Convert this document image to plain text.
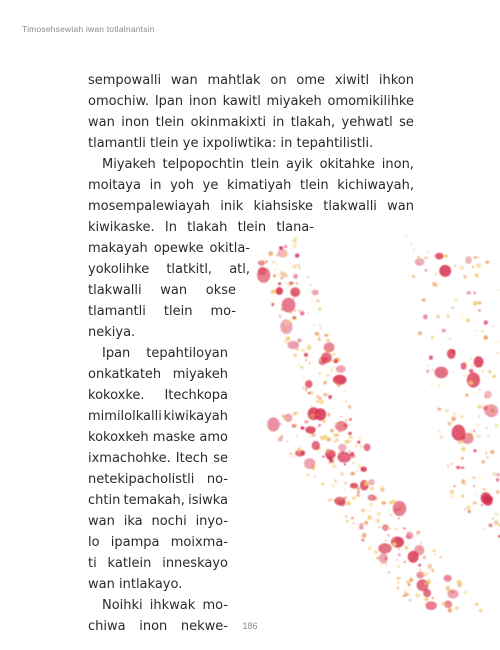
Timosehsewiah iwan totlalnantsin
sempowalli wan mahtlak on ome xiwitl ihkon
omochiw. Ipan inon kawitl miyakeh omomikilihke
wan inon tlein okinmakixti in tlakah, yehwatl se
tlamantli tlein ye ixpoliwtika: in tepahtilistli.
Miyakeh telpopochtin tlein ayik okitahke inon,
moitaya in yoh ye kimatiyah tlein kichiwayah,
mosempalewiayah inik kiahsiske tlakwalli wan
kiwikaske. In tlakah tlein tlana-
makayah opewke okitla-
yokolihke tlatkitl, atl,
tlakwalli wan okse
tlamantli tlein mo-
nekiya.
Ipan tepahtiloyan
onkatkateh miyakeh
kokoxke. Itechkopa
mimilolkalli kiwikayah
kokoxkeh maske amo
ixmachohke. Itech se
netekipacholistli no-
chtin temakah, isiwka
wan ika nochi inyo-
lo ipampa moixma-
ti katlein inneskayo
wan intlakayo.
Noihki ihkwak mo-
chiwa inon nekwe-	186
